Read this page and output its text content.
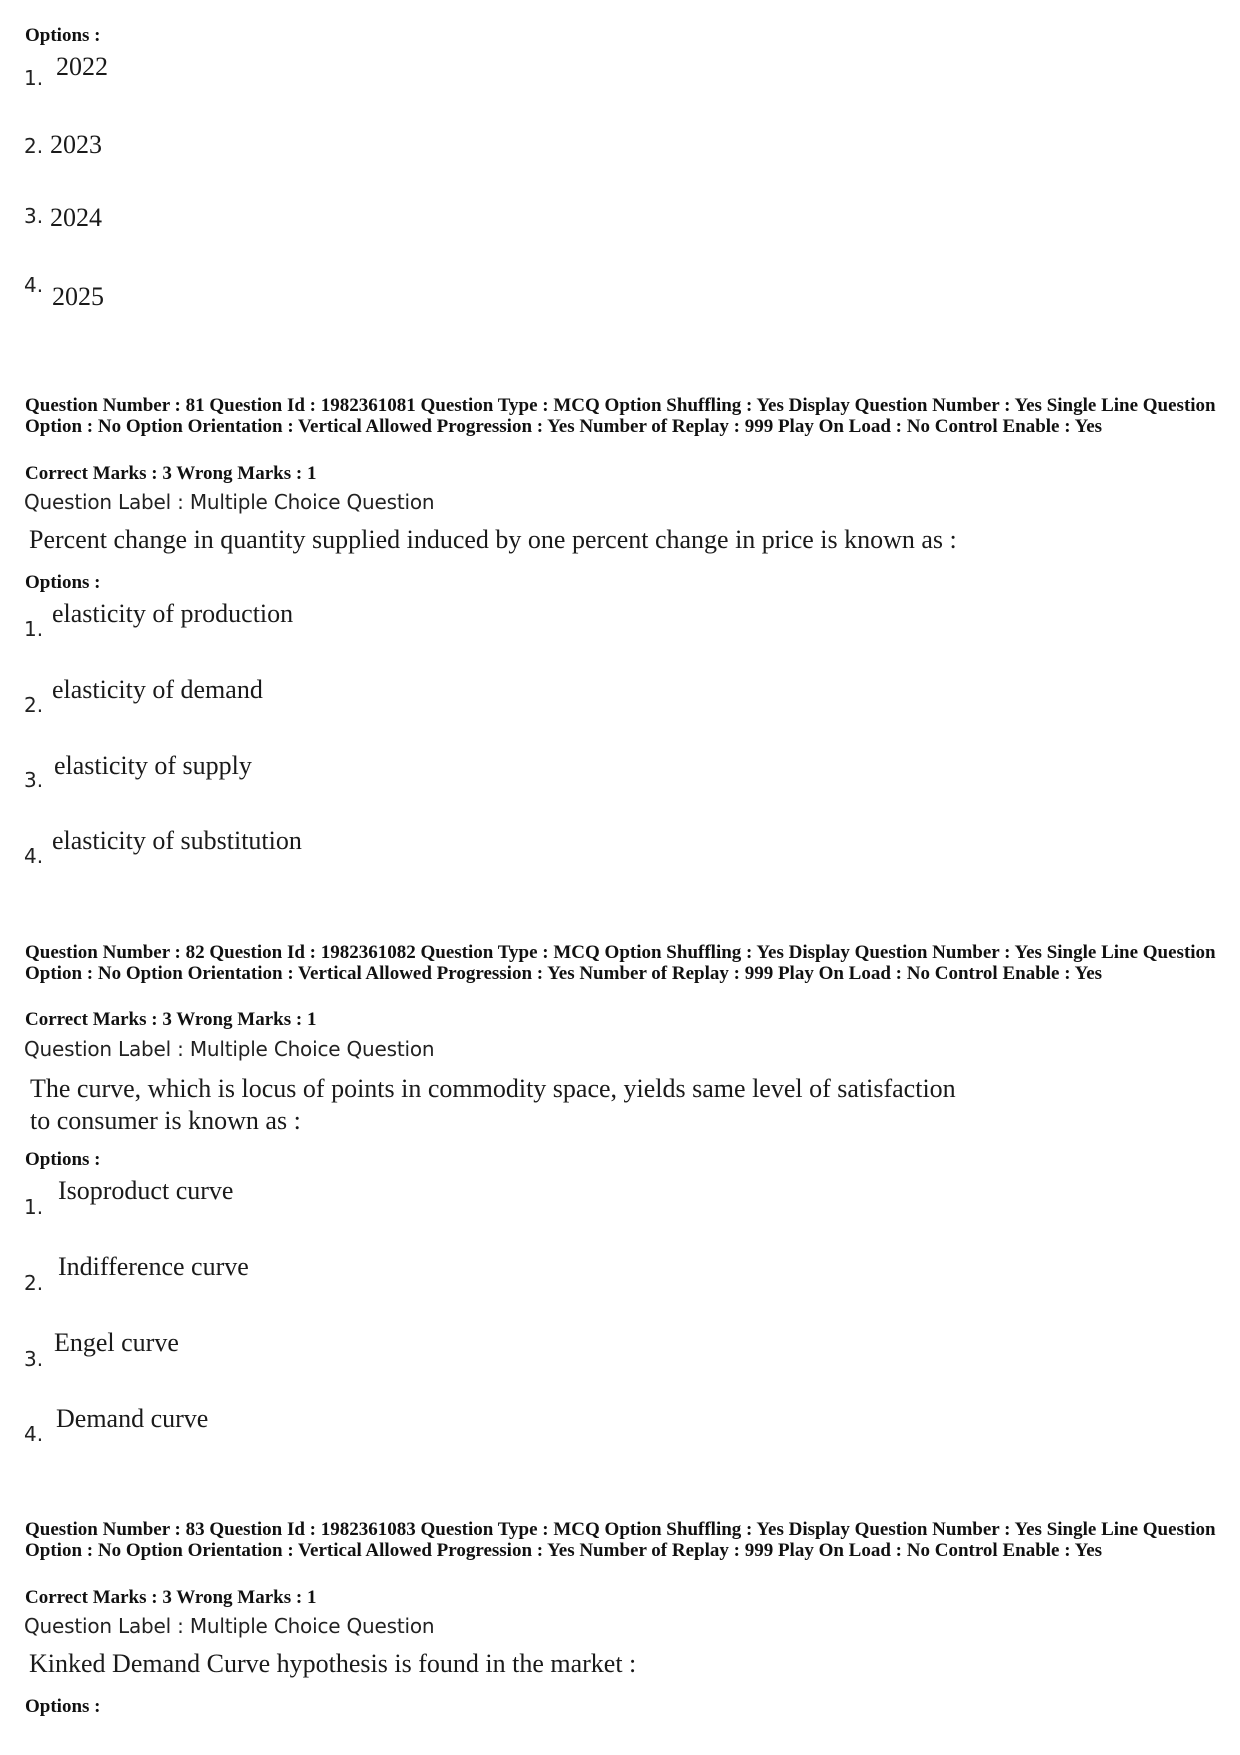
Options :
1. 2022
2. 2023
3. 2024
4. 2025
Question Number : 81 Question Id : 1982361081 Question Type : MCQ Option Shuffling : Yes Display Question Number : Yes Single Line Question Option : No Option Orientation : Vertical Allowed Progression : Yes Number of Replay : 999 Play On Load : No Control Enable : Yes
Correct Marks : 3 Wrong Marks : 1
Question Label : Multiple Choice Question
Percent change in quantity supplied induced by one percent change in price is known as :
Options :
1.
elasticity of production
2.
elasticity of demand
3. elasticity of supply
4.
elasticity of substitution
Question Number : 82 Question Id : 1982361082 Question Type : MCQ Option Shuffling : Yes Display Question Number : Yes Single Line Question Option : No Option Orientation : Vertical Allowed Progression : Yes Number of Replay : 999 Play On Load : No Control Enable : Yes
Correct Marks : 3 Wrong Marks : 1
Question Label : Multiple Choice Question
The curve, which is locus of points in commodity space, yields same level of satisfaction
to consumer is known as :
Options :
1.
Isoproduct curve
2.
Indifference curve
3.
Engel curve
4.
Demand curve
Question Number : 83 Question Id : 1982361083 Question Type : MCQ Option Shuffling : Yes Display Question Number : Yes Single Line Question Option : No Option Orientation : Vertical Allowed Progression : Yes Number of Replay : 999 Play On Load : No Control Enable : Yes
Correct Marks : 3 Wrong Marks : 1
Question Label : Multiple Choice Question
Kinked Demand Curve hypothesis is found in the market :
Options :
